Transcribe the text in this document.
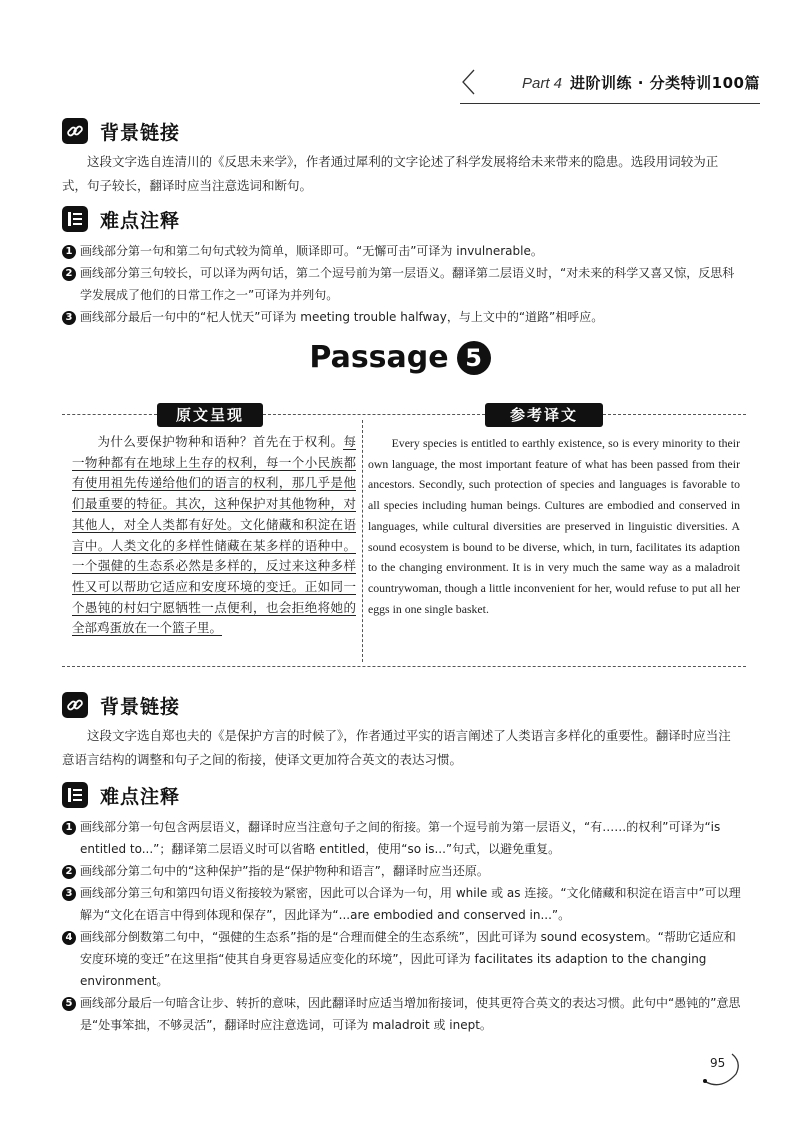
Part 4 进阶训练 · 分类特训100篇
背景链接
这段文字选自连清川的《反思未来学》，作者通过犀利的文字论述了科学发展将给未来带来的隐患。选段用词较为正式，句子较长，翻译时应当注意选词和断句。
难点注释
1 画线部分第一句和第二句句式较为简单，顺译即可。“无懈可击”可译为 invulnerable。
2 画线部分第三句较长，可以译为两句话，第二个逗号前为第一层语义。翻译第二层语义时，“对未来的科学又喜又惊，反思科学发展成了他们的日常工作之一”可译为并列句。
3 画线部分最后一句中的“杞人忧天”可译为 meeting trouble halfway，与上文中的“道路”相呼应。
Passage 5
原文呈现	参考译文
为什么要保护物种和语种？首先在于权利。每一物种都有在地球上生存的权利，每一个小民族都有使用祖先传递给他们的语言的权利，那几乎是他们最重要的特征。其次，这种保护对其他物种，对其他人，对全人类都有好处。文化储藏和积淀在语言中。人类文化的多样性储藏在某多样的语种中。一个强健的生态系必然是多样的，反过来这种多样性又可以帮助它适应和安度环境的变迁。正如同一个愚钝的村妇宁愿牺牲一点便利，也会拒绝将她的全部鸡蛋放在一个篮子里。
Every species is entitled to earthly existence, so is every minority to their own language, the most important feature of what has been passed from their ancestors. Secondly, such protection of species and languages is favorable to all species including human beings. Cultures are embodied and conserved in languages, while cultural diversities are preserved in linguistic diversities. A sound ecosystem is bound to be diverse, which, in turn, facilitates its adaption to the changing environment. It is in very much the same way as a maladroit countrywoman, though a little inconvenient for her, would refuse to put all her eggs in one single basket.
背景链接
这段文字选自郑也夫的《是保护方言的时候了》，作者通过平实的语言阐述了人类语言多样化的重要性。翻译时应当注意语言结构的调整和句子之间的衔接，使译文更加符合英文的表达习惯。
难点注释
1 画线部分第一句包含两层语义，翻译时应当注意句子之间的衔接。第一个逗号前为第一层语义，“有……的权利”可译为“is entitled to...”；翻译第二层语义时可以省略 entitled，使用“so is...”句式，以避免重复。
2 画线部分第二句中的“这种保护”指的是“保护物种和语言”，翻译时应当还原。
3 画线部分第三句和第四句语义衔接较为紧密，因此可以合译为一句，用 while 或 as 连接。“文化储藏和积淀在语言中”可以理解为“文化在语言中得到体现和保存”，因此译为“...are embodied and conserved in...”。
4 画线部分倒数第二句中，“强健的生态系”指的是“合理而健全的生态系统”，因此可译为 sound ecosystem。“帮助它适应和安度环境的变迁”在这里指“使其自身更容易适应变化的环境”，因此可译为 facilitates its adaption to the changing environment。
5 画线部分最后一句暗含让步、转折的意味，因此翻译时应适当增加衔接词，使其更符合英文的表达习惯。此句中“愚钝的”意思是“处事笨拙，不够灵活”，翻译时应注意选词，可译为 maladroit 或 inept。
95
